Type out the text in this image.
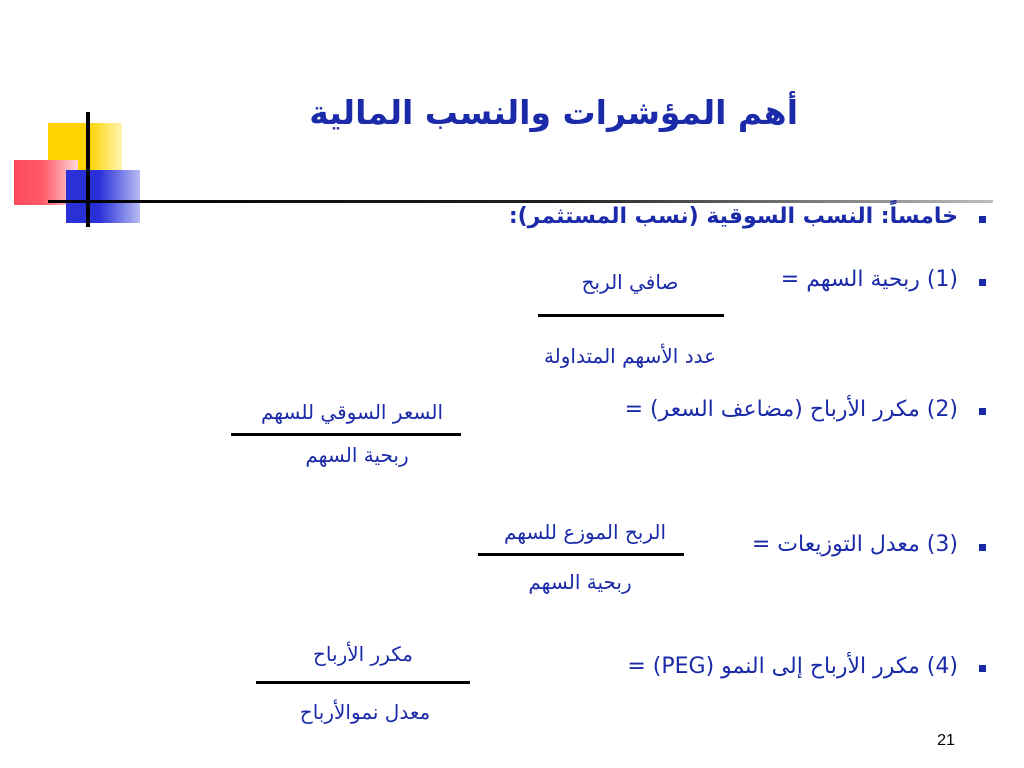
أهم المؤشرات والنسب المالية
خامساً: النسب السوقية (نسب المستثمر):
(1) ربحية السهم =
صافي الربح
عدد الأسهم المتداولة
(2) مكرر الأرباح (مضاعف السعر) =
السعر السوقي للسهم
ربحية السهم
(3) معدل التوزيعات =
الربح الموزع للسهم
ربحية السهم
(4) مكرر الأرباح إلى النمو (PEG) =
مكرر الأرباح
معدل نموالأرباح
21
